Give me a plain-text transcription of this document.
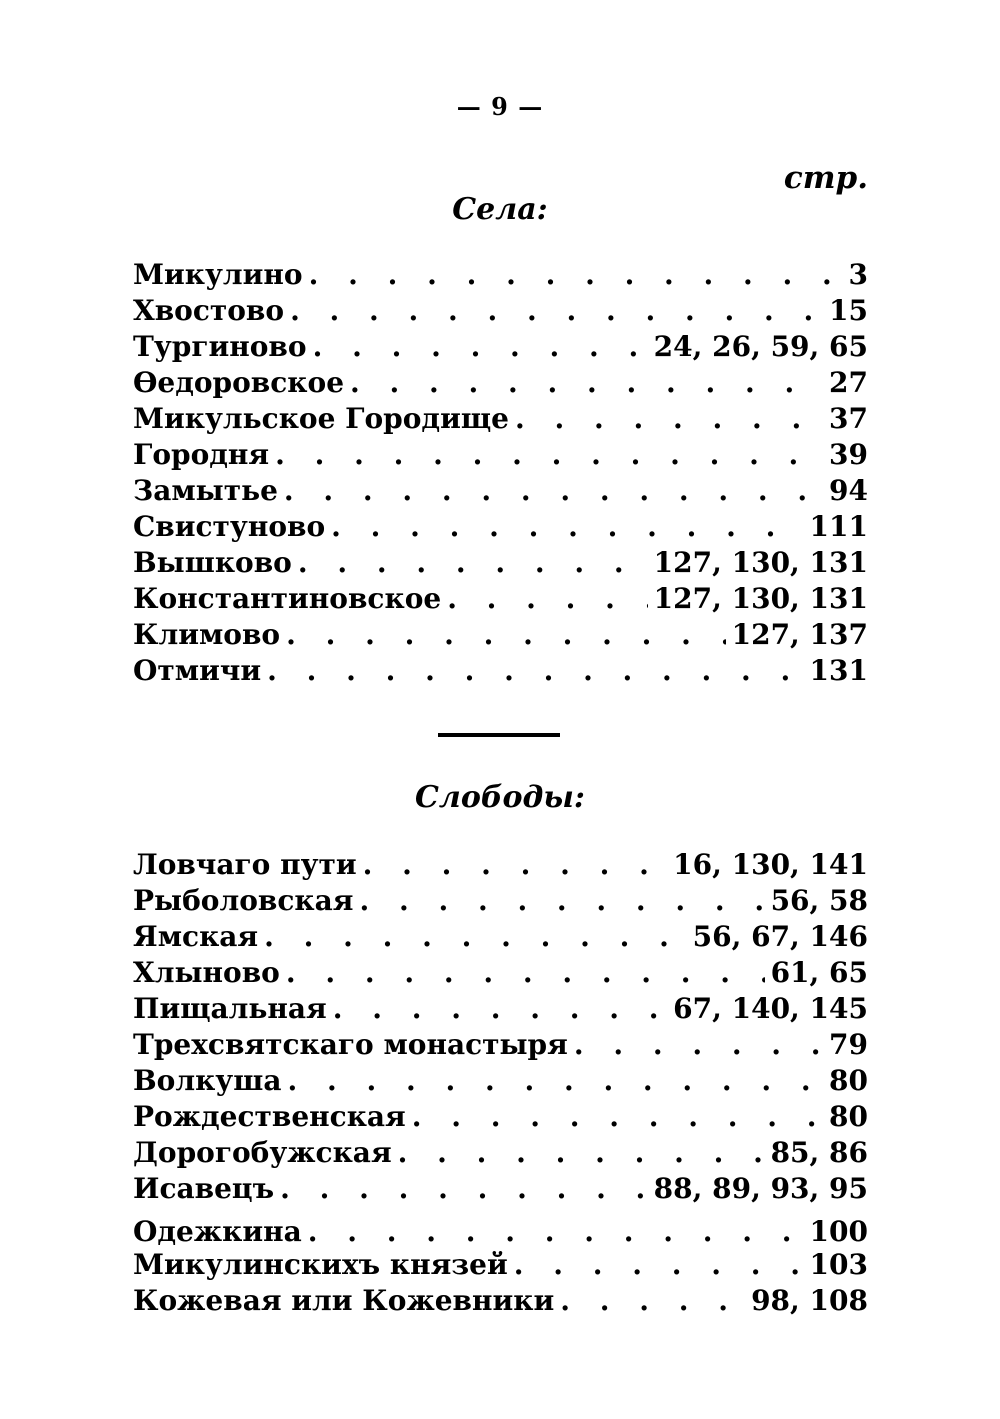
— 9 —
стр.
Села:
Микулино . . .	3
Хвостово . . .	15
Тургиново . . .	24, 26, 59, 65
Өедоровское . . .	27
Микульское Городище . . .	37
Городня . . .	39
Замытье . . .	94
Свистуново . . .	111
Вышково . . .	127, 130, 131
Константиновское . . .	127, 130, 131
Климово . . .	127, 137
Отмичи . . .	131
Слободы:
Ловчаго пути . . .	16, 130, 141
Рыболовская . . .	56, 58
Ямская . . .	56, 67, 146
Хлыново . . .	61, 65
Пищальная . . .	67, 140, 145
Трехсвятскаго монастыря . . .	79
Волкуша . . .	80
Рождественская . . .	80
Дорогобужская . . .	85, 86
Исавецъ . . .	88, 89, 93, 95
Одежкина . . .	100
Микулинскихъ князей . . .	103
Кожевая или Кожевники . . .	98, 108
